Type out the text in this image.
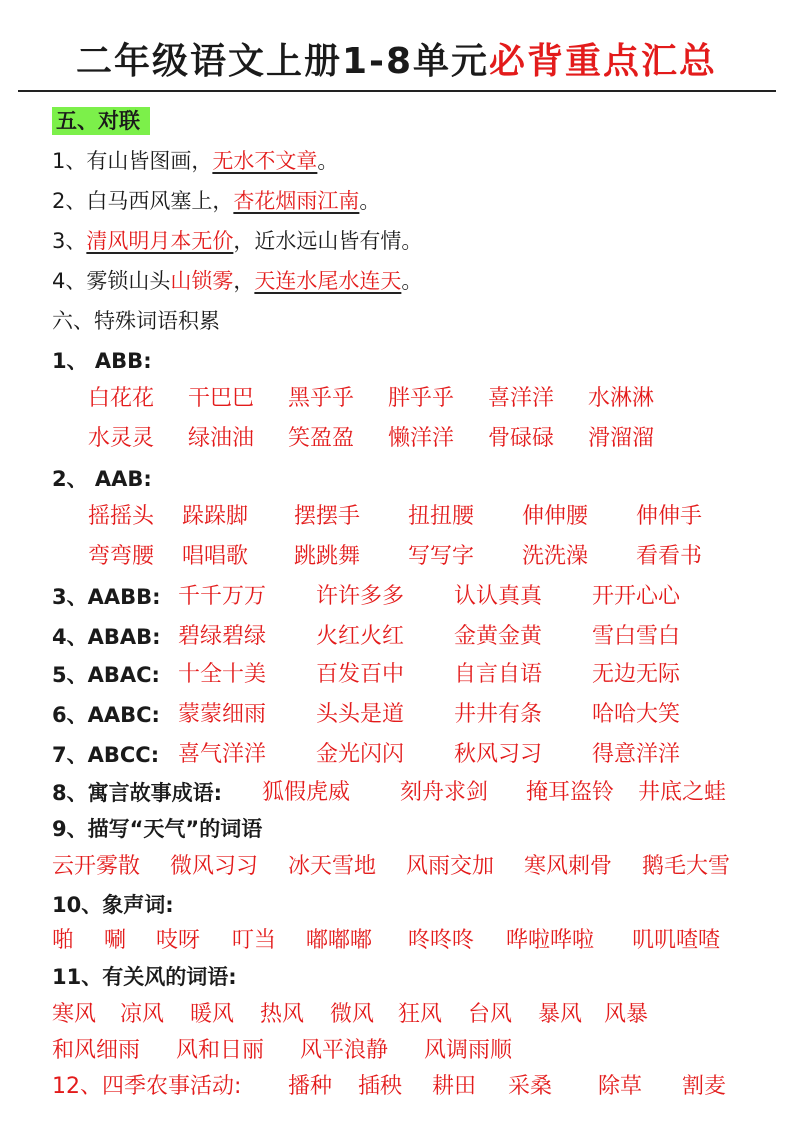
二年级语文上册1-8单元必背重点汇总
五、对联
1、有山皆图画，无水不文章。
2、白马西风塞上，杏花烟雨江南。
3、清风明月本无价，近水远山皆有情。
4、雾锁山头山锁雾，天连水尾水连天。
六、特殊词语积累
1、 ABB:
白花花 干巴巴 黑乎乎 胖乎乎 喜洋洋 水淋淋
水灵灵 绿油油 笑盈盈 懒洋洋 骨碌碌 滑溜溜
2、 AAB:
摇摇头 跺跺脚 摆摆手 扭扭腰 伸伸腰 伸伸手
弯弯腰 唱唱歌 跳跳舞 写写字 洗洗澡 看看书
3、AABB: 千千万万 许许多多 认认真真 开开心心
4、ABAB: 碧绿碧绿 火红火红 金黄金黄 雪白雪白
5、ABAC: 十全十美 百发百中 自言自语 无边无际
6、AABC: 蒙蒙细雨 头头是道 井井有条 哈哈大笑
7、ABCC: 喜气洋洋 金光闪闪 秋风习习 得意洋洋
8、寓言故事成语: 狐假虎威 刻舟求剑 掩耳盗铃 井底之蛙
9、描写“天气”的词语
云开雾散 微风习习 冰天雪地 风雨交加 寒风刺骨 鹅毛大雪
10、象声词:
啪 唰 吱呀 叮当 嘟嘟嘟 咚咚咚 哗啦哗啦 叽叽喳喳
11、有关风的词语:
寒风 凉风 暖风 热风 微风 狂风 台风 暴风 风暴
和风细雨 风和日丽 风平浪静 风调雨顺
12、四季农事活动: 播种 插秧 耕田 采桑 除草 割麦
